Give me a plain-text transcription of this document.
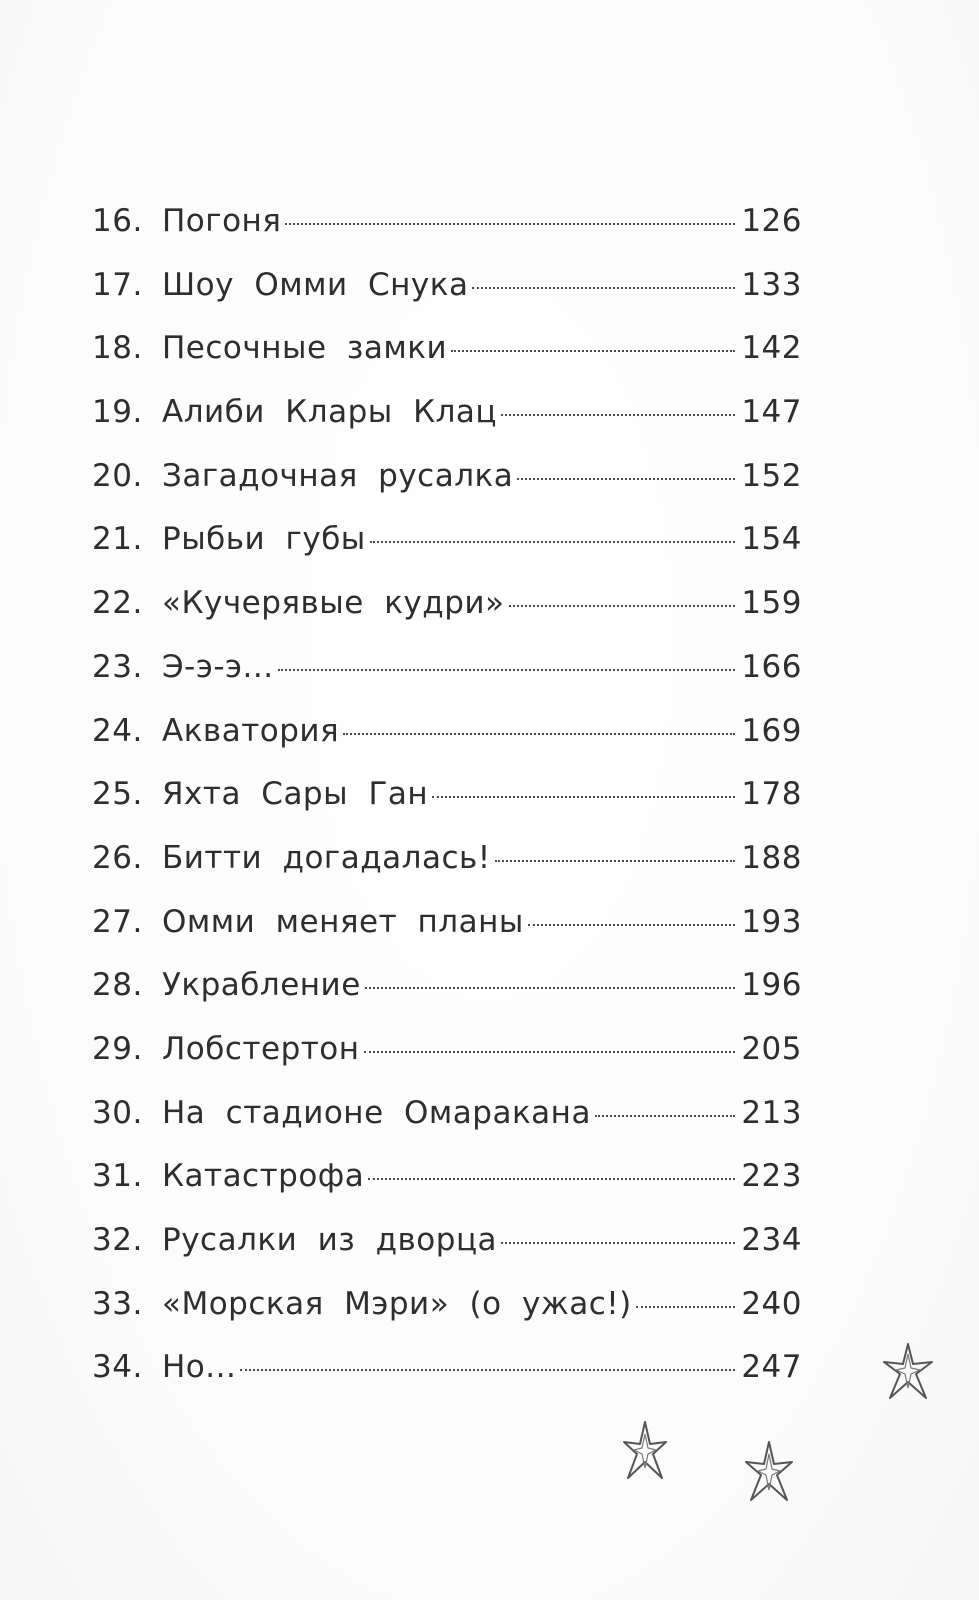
16. Погоня	126
17. Шоу Омми Снука	133
18. Песочные замки	142
19. Алиби Клары Клац	147
20. Загадочная русалка	152
21. Рыбьи губы	154
22. «Кучерявые кудри»	159
23. Э-э-э...	166
24. Акватория	169
25. Яхта Сары Ган	178
26. Битти догадалась!	188
27. Омми меняет планы	193
28. Украбление	196
29. Лобстертон	205
30. На стадионе Омаракана	213
31. Катастрофа	223
32. Русалки из дворца	234
33. «Морская Мэри» (о ужас!)	240
34. Но...	247
